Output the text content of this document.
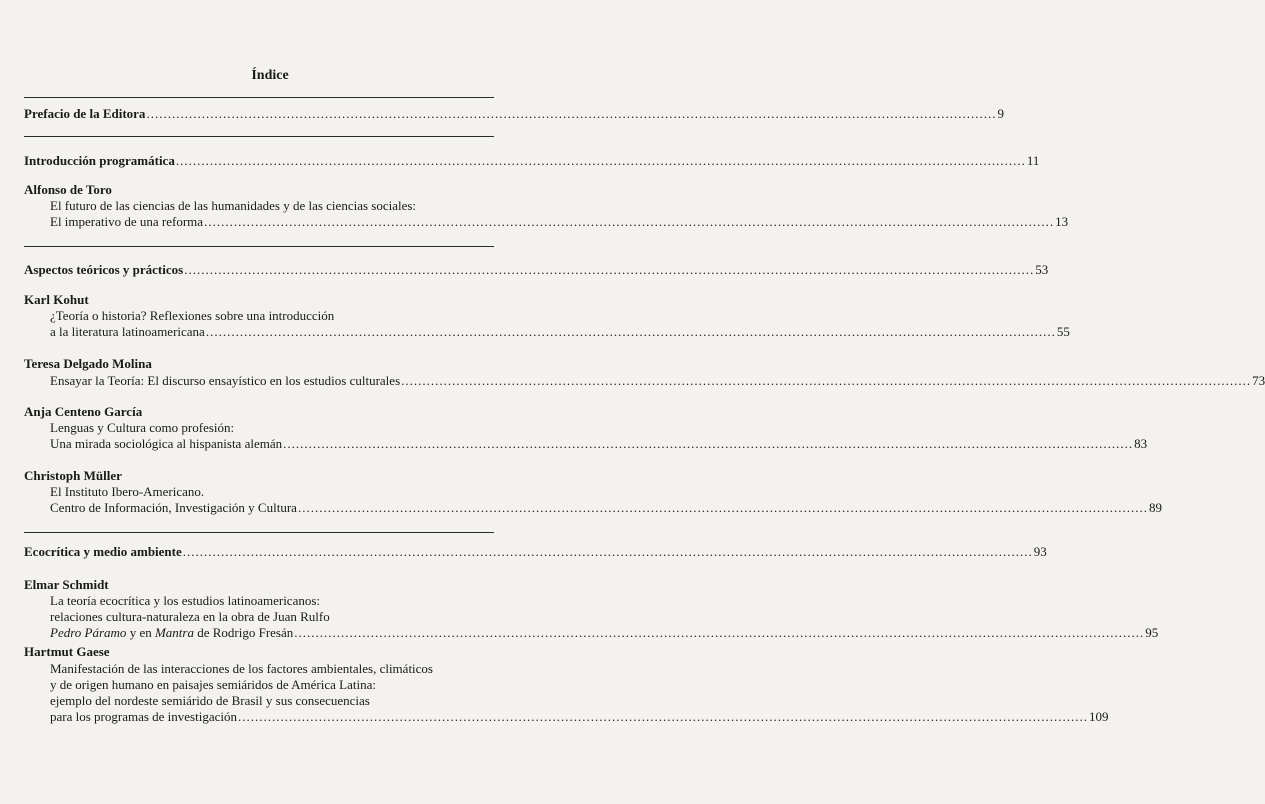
Índice
Prefacio de la Editora ........................................................................................................................................................................................................ 9
Introducción programática ........................................................................................................................................................................................................ 11
Alfonso de Toro
El futuro de las ciencias de las humanidades y de las ciencias sociales:
El imperativo de una reforma ........................................................................................................................................................................................................ 13
Aspectos teóricos y prácticos ........................................................................................................................................................................................................ 53
Karl Kohut
¿Teoría o historia? Reflexiones sobre una introducción
a la literatura latinoamericana ........................................................................................................................................................................................................ 55
Teresa Delgado Molina
Ensayar la Teoría: El discurso ensayístico en los estudios culturales ........................................................................................................................................................................................................ 73
Anja Centeno García
Lenguas y Cultura como profesión:
Una mirada sociológica al hispanista alemán ........................................................................................................................................................................................................ 83
Christoph Müller
El Instituto Ibero-Americano.
Centro de Información, Investigación y Cultura ........................................................................................................................................................................................................ 89
Ecocrítica y medio ambiente ........................................................................................................................................................................................................ 93
Elmar Schmidt
La teoría ecocrítica y los estudios latinoamericanos:
relaciones cultura-naturaleza en la obra de Juan Rulfo
Pedro Páramo y en Mantra de Rodrigo Fresán ........................................................................................................................................................................................................ 95
Hartmut Gaese
Manifestación de las interacciones de los factores ambientales, climáticos
y de origen humano en paisajes semiáridos de América Latina:
ejemplo del nordeste semiárido de Brasil y sus consecuencias
para los programas de investigación ........................................................................................................................................................................................................ 109
